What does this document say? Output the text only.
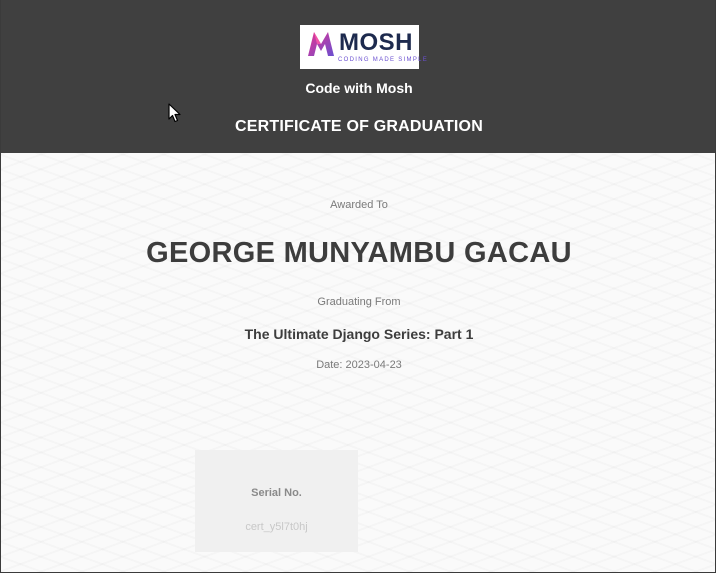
MOSH
CODING MADE SIMPLE
Code with Mosh
CERTIFICATE OF GRADUATION
Awarded To
GEORGE MUNYAMBU GACAU
Graduating From
The Ultimate Django Series: Part 1
Date: 2023-04-23
Serial No.
cert_y5l7t0hj
